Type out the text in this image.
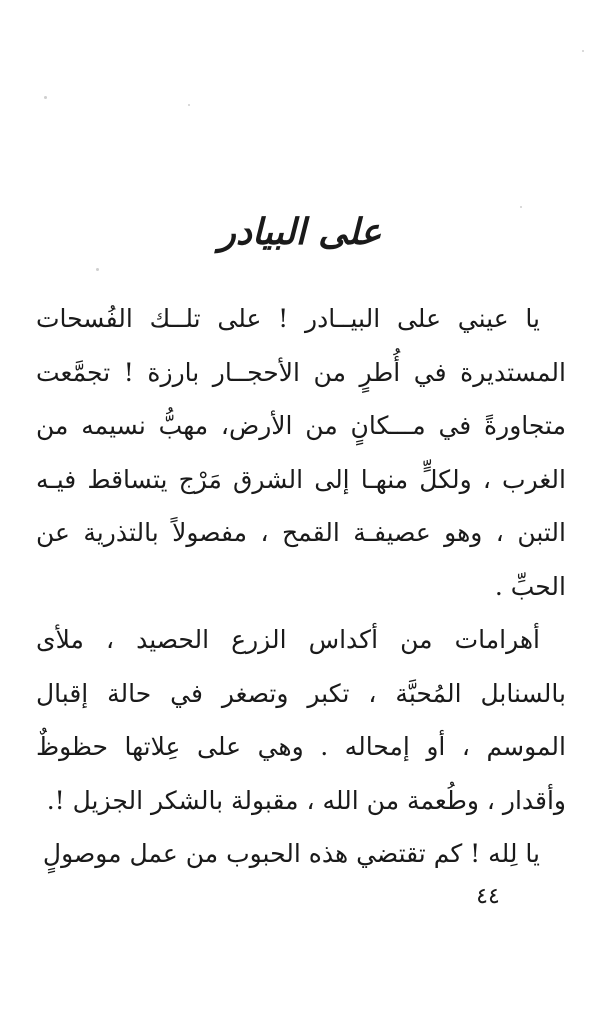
على البيادر

يا عيني على البيــادر ! على تلــك الفُسحات المستديرة في أُطرٍ من الأحجــار بارزة ! تجمَّعت متجاورةً في مـــكانٍ من الأرض، مهبُّ نسيمه من الغرب ، ولكلٍّ منهـا إلى الشرق مَرْج يتساقط فيـه التبن ، وهو عصيفـة القمح ، مفصولاً بالتذرية عن الحبِّ .

أهرامات من أكداس الزرع الحصيد ، ملأى بالسنابل المُحبَّة ، تكبر وتصغر في حالة إقبال الموسم ، أو إمحاله . وهي على عِلاتها حظوظٌ وأقدار ، وطُعمة من الله ، مقبولة بالشكر الجزيل !.

يا لِله ! كم تقتضي هذه الحبوب من عمل موصولٍ

٤٤
